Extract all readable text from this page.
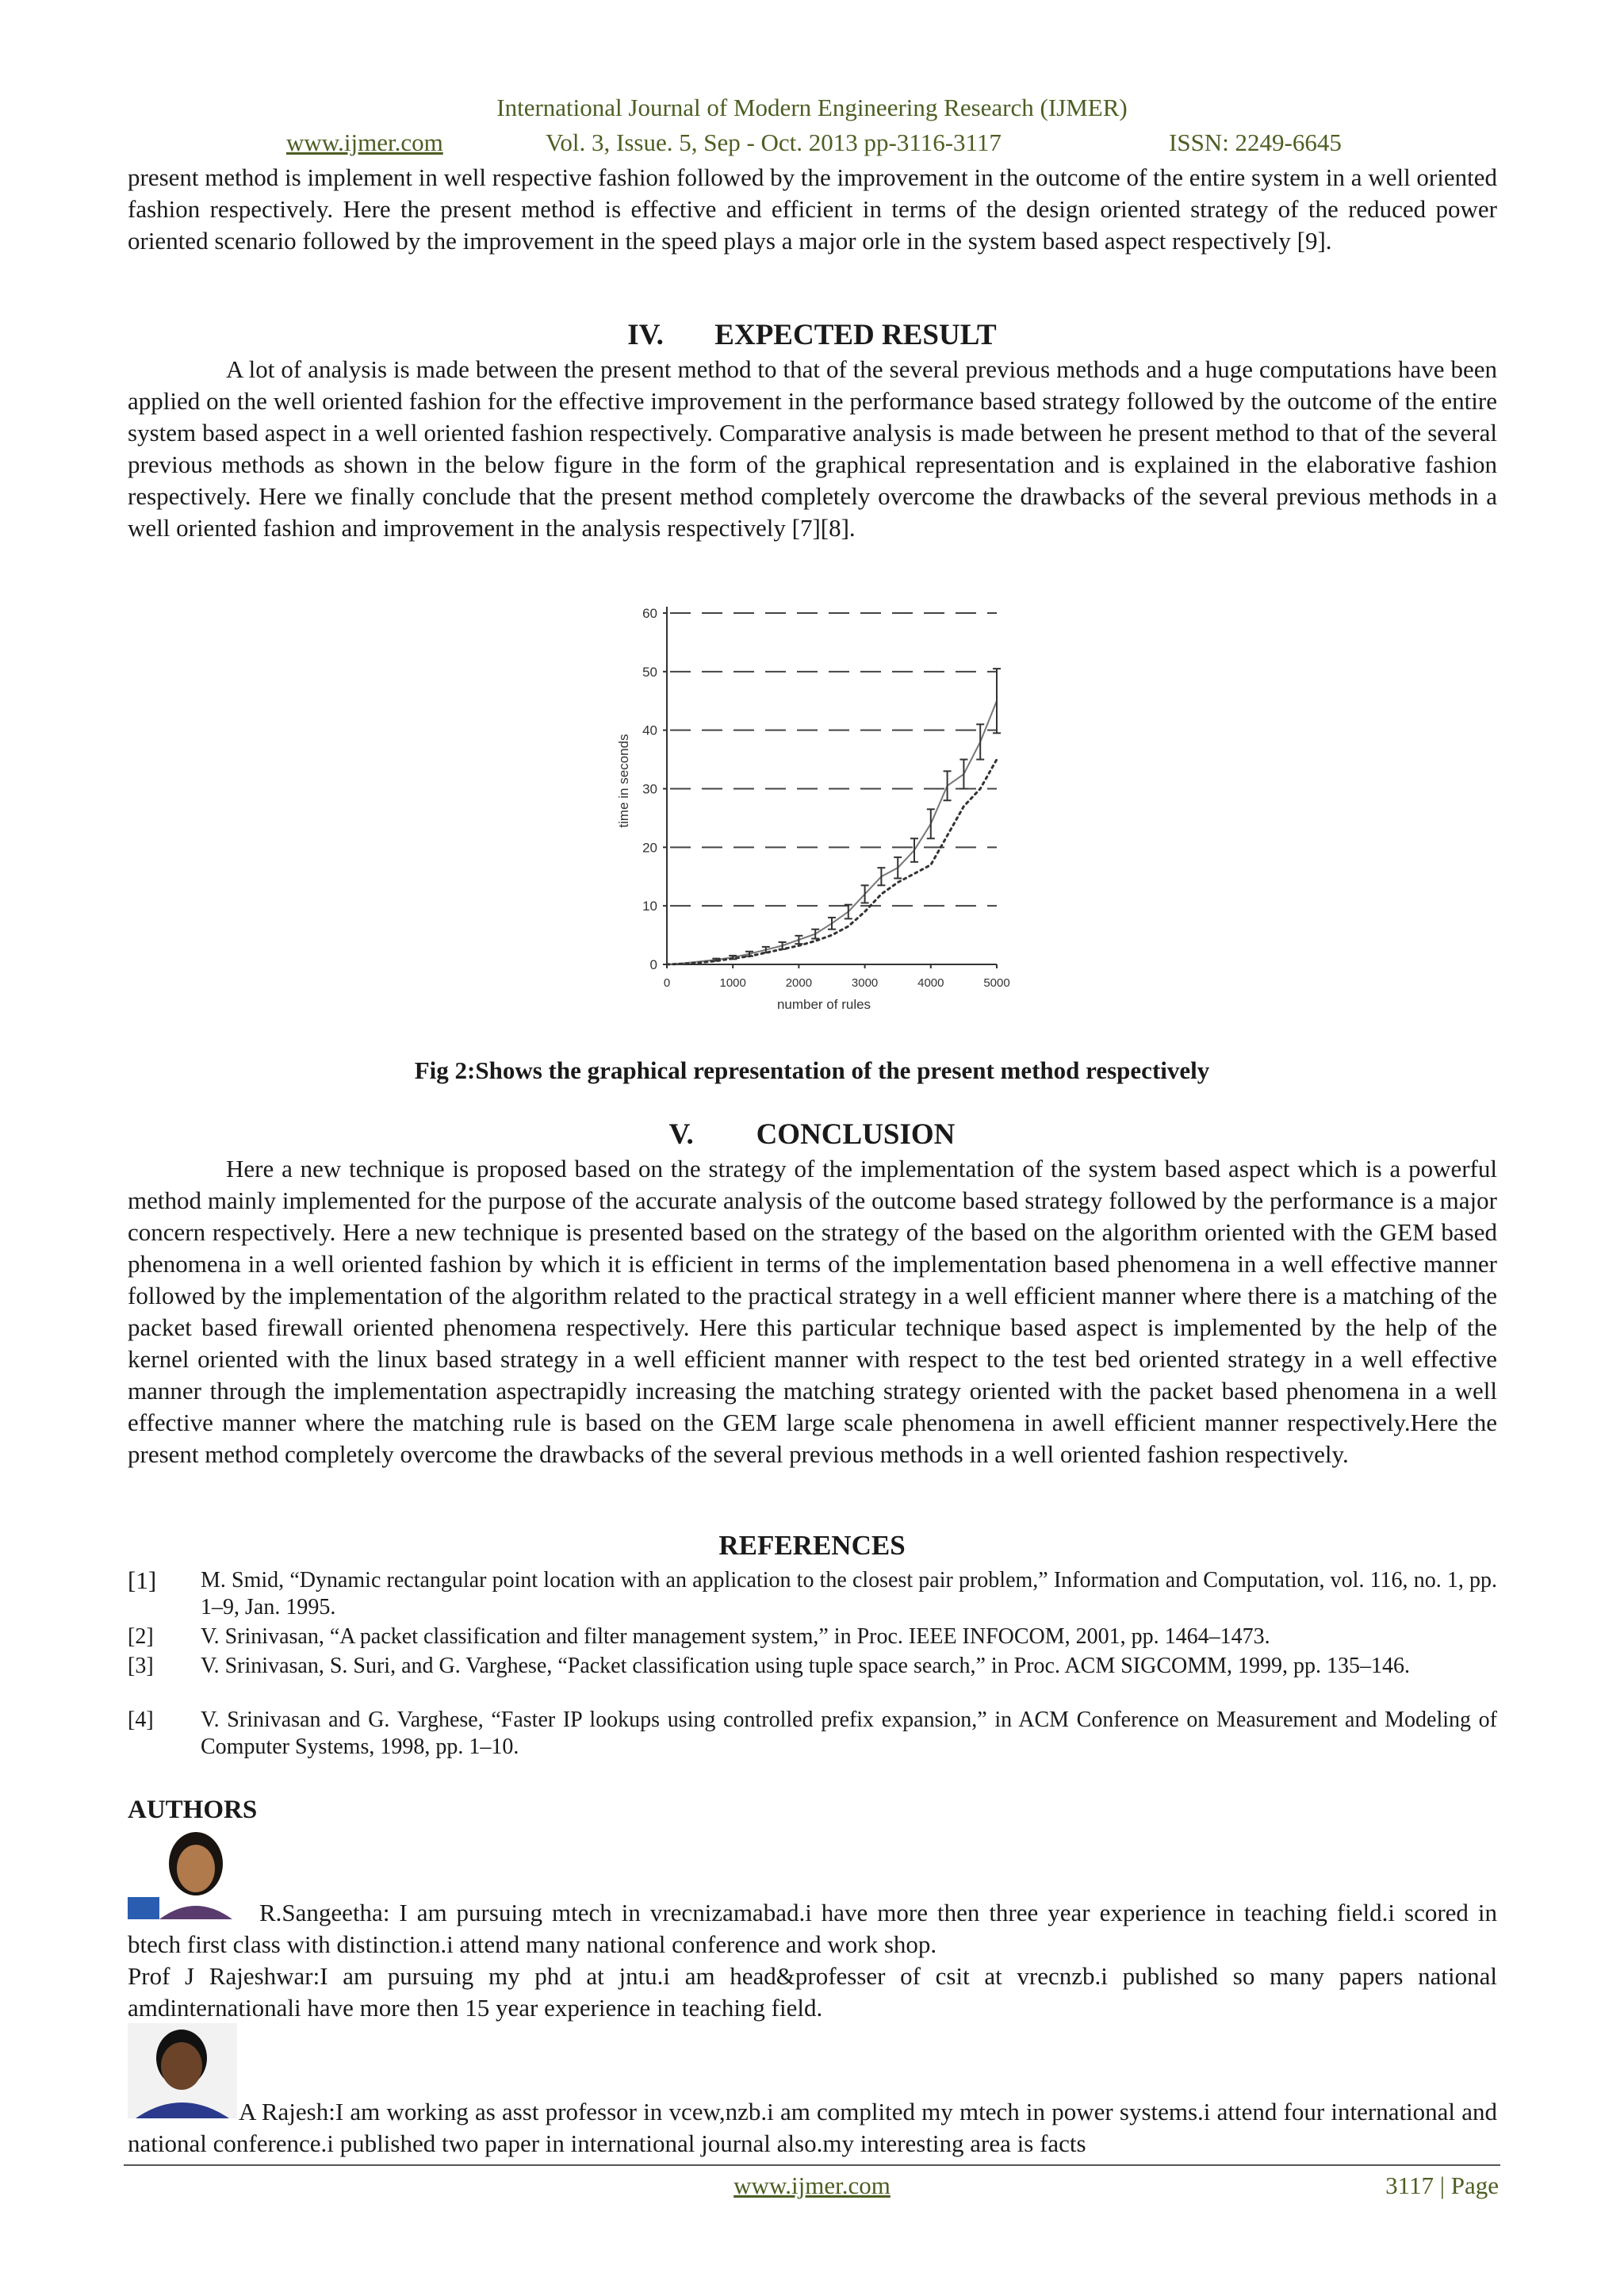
International Journal of Modern Engineering Research (IJMER)
www.ijmer.com	Vol. 3, Issue. 5, Sep - Oct. 2013 pp-3116-3117	ISSN: 2249-6645
present method is implement in well respective fashion followed by the improvement in the outcome of the entire system in a well oriented fashion respectively. Here the present method is effective and efficient in terms of the design oriented strategy of the reduced power oriented scenario followed by the improvement in the speed plays a major orle in the system based aspect respectively [9].
IV. EXPECTED RESULT
A lot of analysis is made between the present method to that of the several previous methods and a huge computations have been applied on the well oriented fashion for the effective improvement in the performance based strategy followed by the outcome of the entire system based aspect in a well oriented fashion respectively. Comparative analysis is made between he present method to that of the several previous methods as shown in the below figure in the form of the graphical representation and is explained in the elaborative fashion respectively. Here we finally conclude that the present method completely overcome the drawbacks of the several previous methods in a well oriented fashion and improvement in the analysis respectively [7][8].
0
10
20
30
40
50
60
0	1000	2000	3000	4000	5000
number of rules
time in seconds
Fig 2:Shows the graphical representation of the present method respectively
V. CONCLUSION
Here a new technique is proposed based on the strategy of the implementation of the system based aspect which is a powerful method mainly implemented for the purpose of the accurate analysis of the outcome based strategy followed by the performance is a major concern respectively. Here a new technique is presented based on the strategy of the based on the algorithm oriented with the GEM based phenomena in a well oriented fashion by which it is efficient in terms of the implementation based phenomena in a well effective manner followed by the implementation of the algorithm related to the practical strategy in a well efficient manner where there is a matching of the packet based firewall oriented phenomena respectively. Here this particular technique based aspect is implemented by the help of the kernel oriented with the linux based strategy in a well efficient manner with respect to the test bed oriented strategy in a well effective manner through the implementation aspectrapidly increasing the matching strategy oriented with the packet based phenomena in a well effective manner where the matching rule is based on the GEM large scale phenomena in awell efficient manner respectively.Here the present method completely overcome the drawbacks of the several previous methods in a well oriented fashion respectively.
REFERENCES
[1] M. Smid, “Dynamic rectangular point location with an application to the closest pair problem,” Information and Computation, vol. 116, no. 1, pp. 1–9, Jan. 1995.
[2] V. Srinivasan, “A packet classification and filter management system,” in Proc. IEEE INFOCOM, 2001, pp. 1464–1473.
[3] V. Srinivasan, S. Suri, and G. Varghese, “Packet classification using tuple space search,” in Proc. ACM SIGCOMM, 1999, pp. 135–146.
[4] V. Srinivasan and G. Varghese, “Faster IP lookups using controlled prefix expansion,” in ACM Conference on Measurement and Modeling of Computer Systems, 1998, pp. 1–10.
AUTHORS
R.Sangeetha: I am pursuing mtech in vrecnizamabad.i have more then three year experience in teaching field.i scored in btech first class with distinction.i attend many national conference and work shop.
Prof J Rajeshwar:I am pursuing my phd at jntu.i am head&professer of csit at vrecnzb.i published so many papers national amdinternationali have more then 15 year experience in teaching field.
A Rajesh:I am working as asst professor in vcew,nzb.i am complited my mtech in power systems.i attend four international and national conference.i published two paper in international journal also.my interesting area is facts
www.ijmer.com	3117 | Page
